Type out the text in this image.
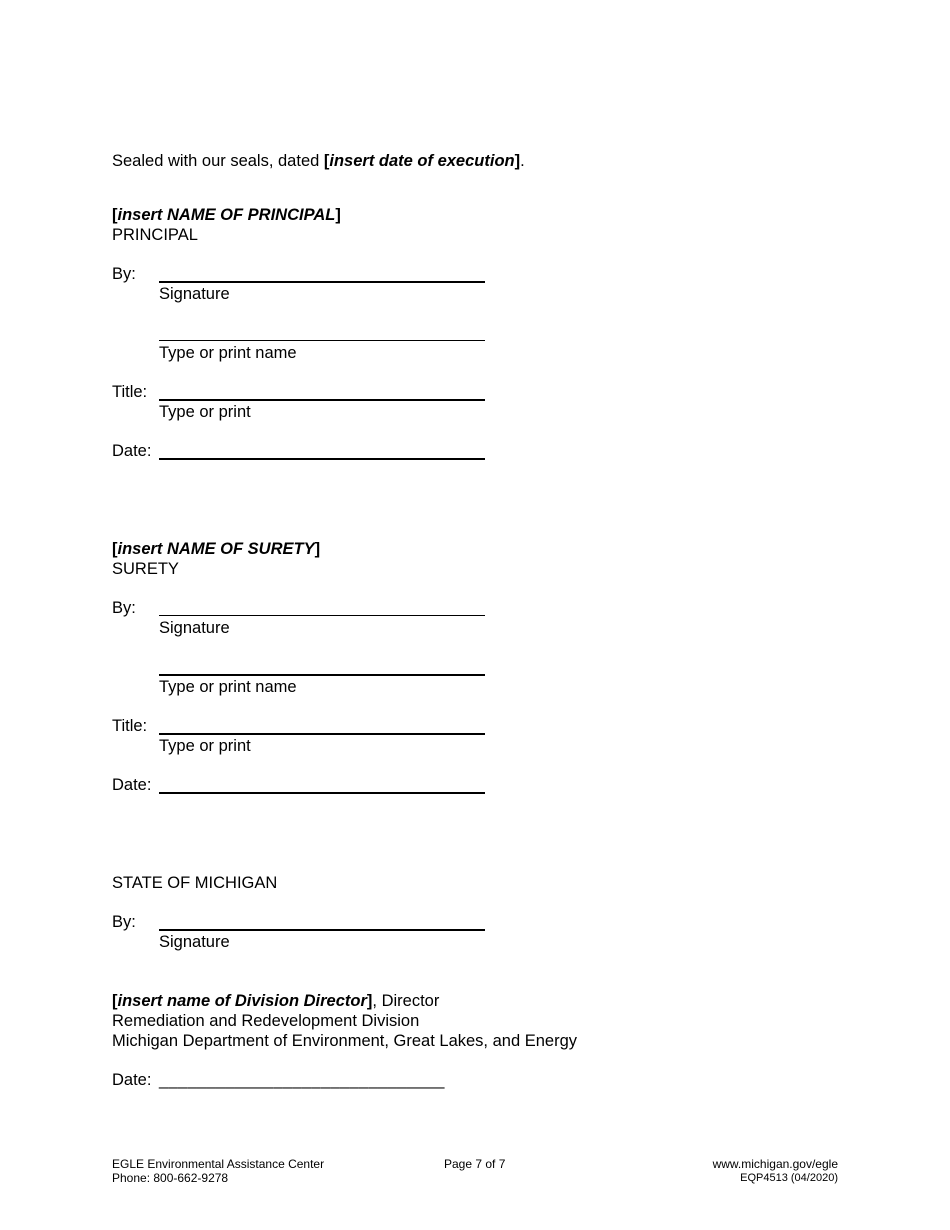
Sealed with our seals, dated [insert date of execution].
[insert NAME OF PRINCIPAL]
PRINCIPAL
By:
Signature
Type or print name
Title:
Type or print
Date:
[insert NAME OF SURETY]
SURETY
By:
Signature
Type or print name
Title:
Type or print
Date:
STATE OF MICHIGAN
By:
Signature
[insert name of Division Director], Director
Remediation and Redevelopment Division
Michigan Department of Environment, Great Lakes, and Energy
Date: ______________________________
EGLE Environmental Assistance Center
Phone: 800-662-9278
Page 7 of 7	www.michigan.gov/egle
EQP4513 (04/2020)
